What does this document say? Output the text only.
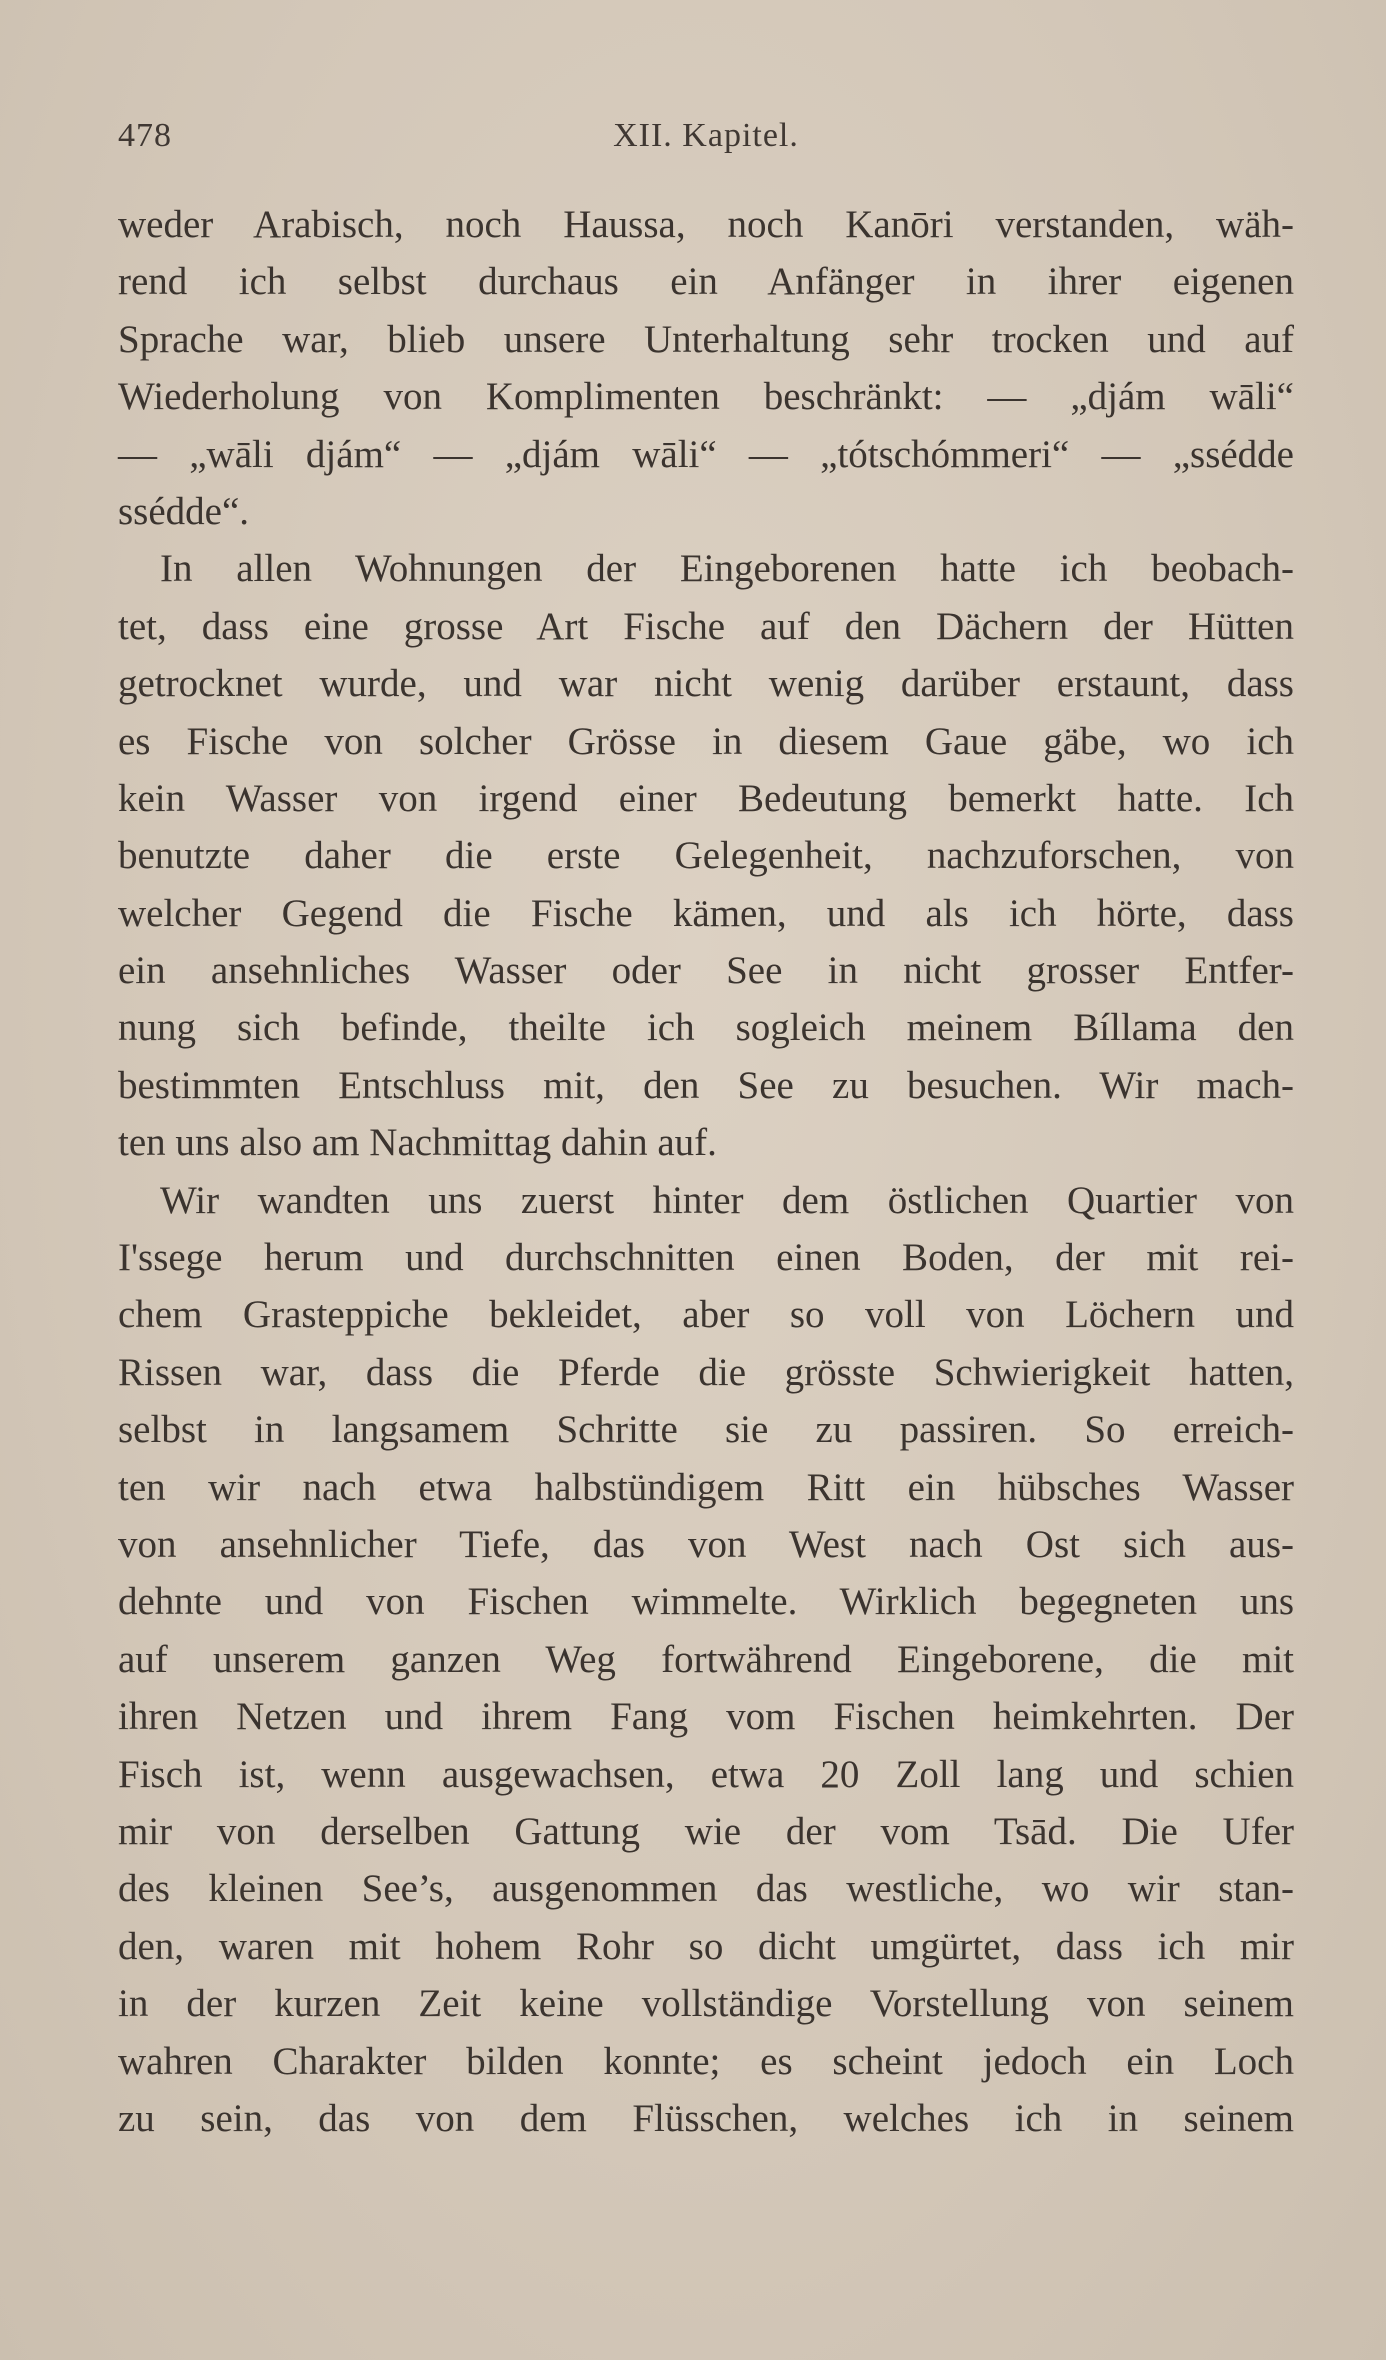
478	XII. Kapitel.
weder Arabisch, noch Haussa, noch Kanōri verstanden, wäh-
rend ich selbst durchaus ein Anfänger in ihrer eigenen
Sprache war, blieb unsere Unterhaltung sehr trocken und auf
Wiederholung von Komplimenten beschränkt: — „djám wāli“
— „wāli djám“ — „djám wāli“ — „tótschómmeri“ — „ssédde
ssédde“.
In allen Wohnungen der Eingeborenen hatte ich beobach-
tet, dass eine grosse Art Fische auf den Dächern der Hütten
getrocknet wurde, und war nicht wenig darüber erstaunt, dass
es Fische von solcher Grösse in diesem Gaue gäbe, wo ich
kein Wasser von irgend einer Bedeutung bemerkt hatte. Ich
benutzte daher die erste Gelegenheit, nachzuforschen, von
welcher Gegend die Fische kämen, und als ich hörte, dass
ein ansehnliches Wasser oder See in nicht grosser Entfer-
nung sich befinde, theilte ich sogleich meinem Bíllama den
bestimmten Entschluss mit, den See zu besuchen. Wir mach-
ten uns also am Nachmittag dahin auf.
Wir wandten uns zuerst hinter dem östlichen Quartier von
I'ssege herum und durchschnitten einen Boden, der mit rei-
chem Grasteppiche bekleidet, aber so voll von Löchern und
Rissen war, dass die Pferde die grösste Schwierigkeit hatten,
selbst in langsamem Schritte sie zu passiren. So erreich-
ten wir nach etwa halbstündigem Ritt ein hübsches Wasser
von ansehnlicher Tiefe, das von West nach Ost sich aus-
dehnte und von Fischen wimmelte. Wirklich begegneten uns
auf unserem ganzen Weg fortwährend Eingeborene, die mit
ihren Netzen und ihrem Fang vom Fischen heimkehrten. Der
Fisch ist, wenn ausgewachsen, etwa 20 Zoll lang und schien
mir von derselben Gattung wie der vom Tsād. Die Ufer
des kleinen See’s, ausgenommen das westliche, wo wir stan-
den, waren mit hohem Rohr so dicht umgürtet, dass ich mir
in der kurzen Zeit keine vollständige Vorstellung von seinem
wahren Charakter bilden konnte; es scheint jedoch ein Loch
zu sein, das von dem Flüsschen, welches ich in seinem
